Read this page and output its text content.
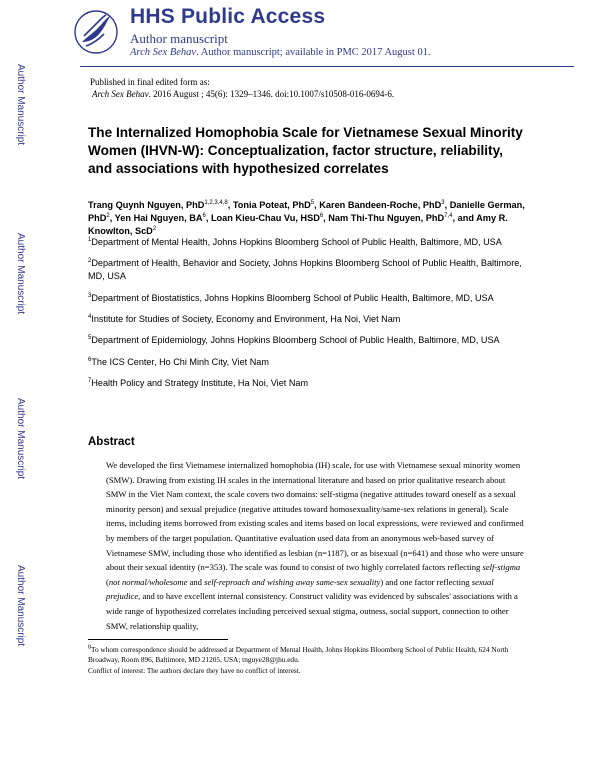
Author Manuscript
Author Manuscript
Author Manuscript
Author Manuscript
HHS Public Access
Author manuscript
Arch Sex Behav. Author manuscript; available in PMC 2017 August 01.
Published in final edited form as:
Arch Sex Behav. 2016 August ; 45(6): 1329–1346. doi:10.1007/s10508-016-0694-6.
The Internalized Homophobia Scale for Vietnamese Sexual Minority Women (IHVN-W): Conceptualization, factor structure, reliability, and associations with hypothesized correlates
Trang Quynh Nguyen, PhD$^{1,2,3,4,8}$, Tonia Poteat, PhD$^5$, Karen Bandeen-Roche, PhD$^3$, Danielle German, PhD$^2$, Yen Hai Nguyen, $BA^6$, Loan Kieu-Chau Vu, HSD$^6$, Nam Thi-Thu Nguyen, PhD$^{7,4}$, and Amy R. Knowlton, ScD$^2$
$^1$Department of Mental Health, Johns Hopkins Bloomberg School of Public Health, Baltimore, MD, USA
$^2$Department of Health, Behavior and Society, Johns Hopkins Bloomberg School of Public Health, Baltimore, MD, USA
$^3$Department of Biostatistics, Johns Hopkins Bloomberg School of Public Health, Baltimore, MD, USA
$^4$Institute for Studies of Society, Economy and Environment, Ha Noi, Viet Nam
$^5$Department of Epidemiology, Johns Hopkins Bloomberg School of Public Health, Baltimore, MD, USA
$^6$The ICS Center, Ho Chi Minh City, Viet Nam
$^7$Health Policy and Strategy Institute, Ha Noi, Viet Nam
Abstract

We developed the first Vietnamese internalized homophobia (IH) scale, for use with Vietnamese sexual minority women (SMW). Drawing from existing IH scales in the international literature and based on prior qualitative research about SMW in the Viet Nam context, the scale covers two domains: self-stigma (negative attitudes toward oneself as a sexual minority person) and sexual prejudice (negative attitudes toward homosexuality/same-sex relations in general). Scale items, including items borrowed from existing scales and items based on local expressions, were reviewed and confirmed by members of the target population. Quantitative evaluation used data from an anonymous web-based survey of Vietnamese SMW, including those who identified as lesbian (n=1187), or as bisexual (n=641) and those who were unsure about their sexual identity (n=353). The scale was found to consist of two highly correlated factors reflecting self-stigma (not normal/wholesome and self-reproach and wishing away same-sex sexuality) and one factor reflecting sexual prejudice, and to have excellent internal consistency. Construct validity was evidenced by subscales' associations with a wide range of hypothesized correlates including perceived sexual stigma, outness, social support, connection to other SMW, relationship quality,

$^8$To whom correspondence should be addressed at Department of Mental Health, Johns Hopkins Bloomberg School of Public Health, 624 North Broadway, Room 896, Baltimore, MD 21205, USA; tnguye28@jhu.edu.

Conflict of interest: The authors declare they have no conflict of interest.
